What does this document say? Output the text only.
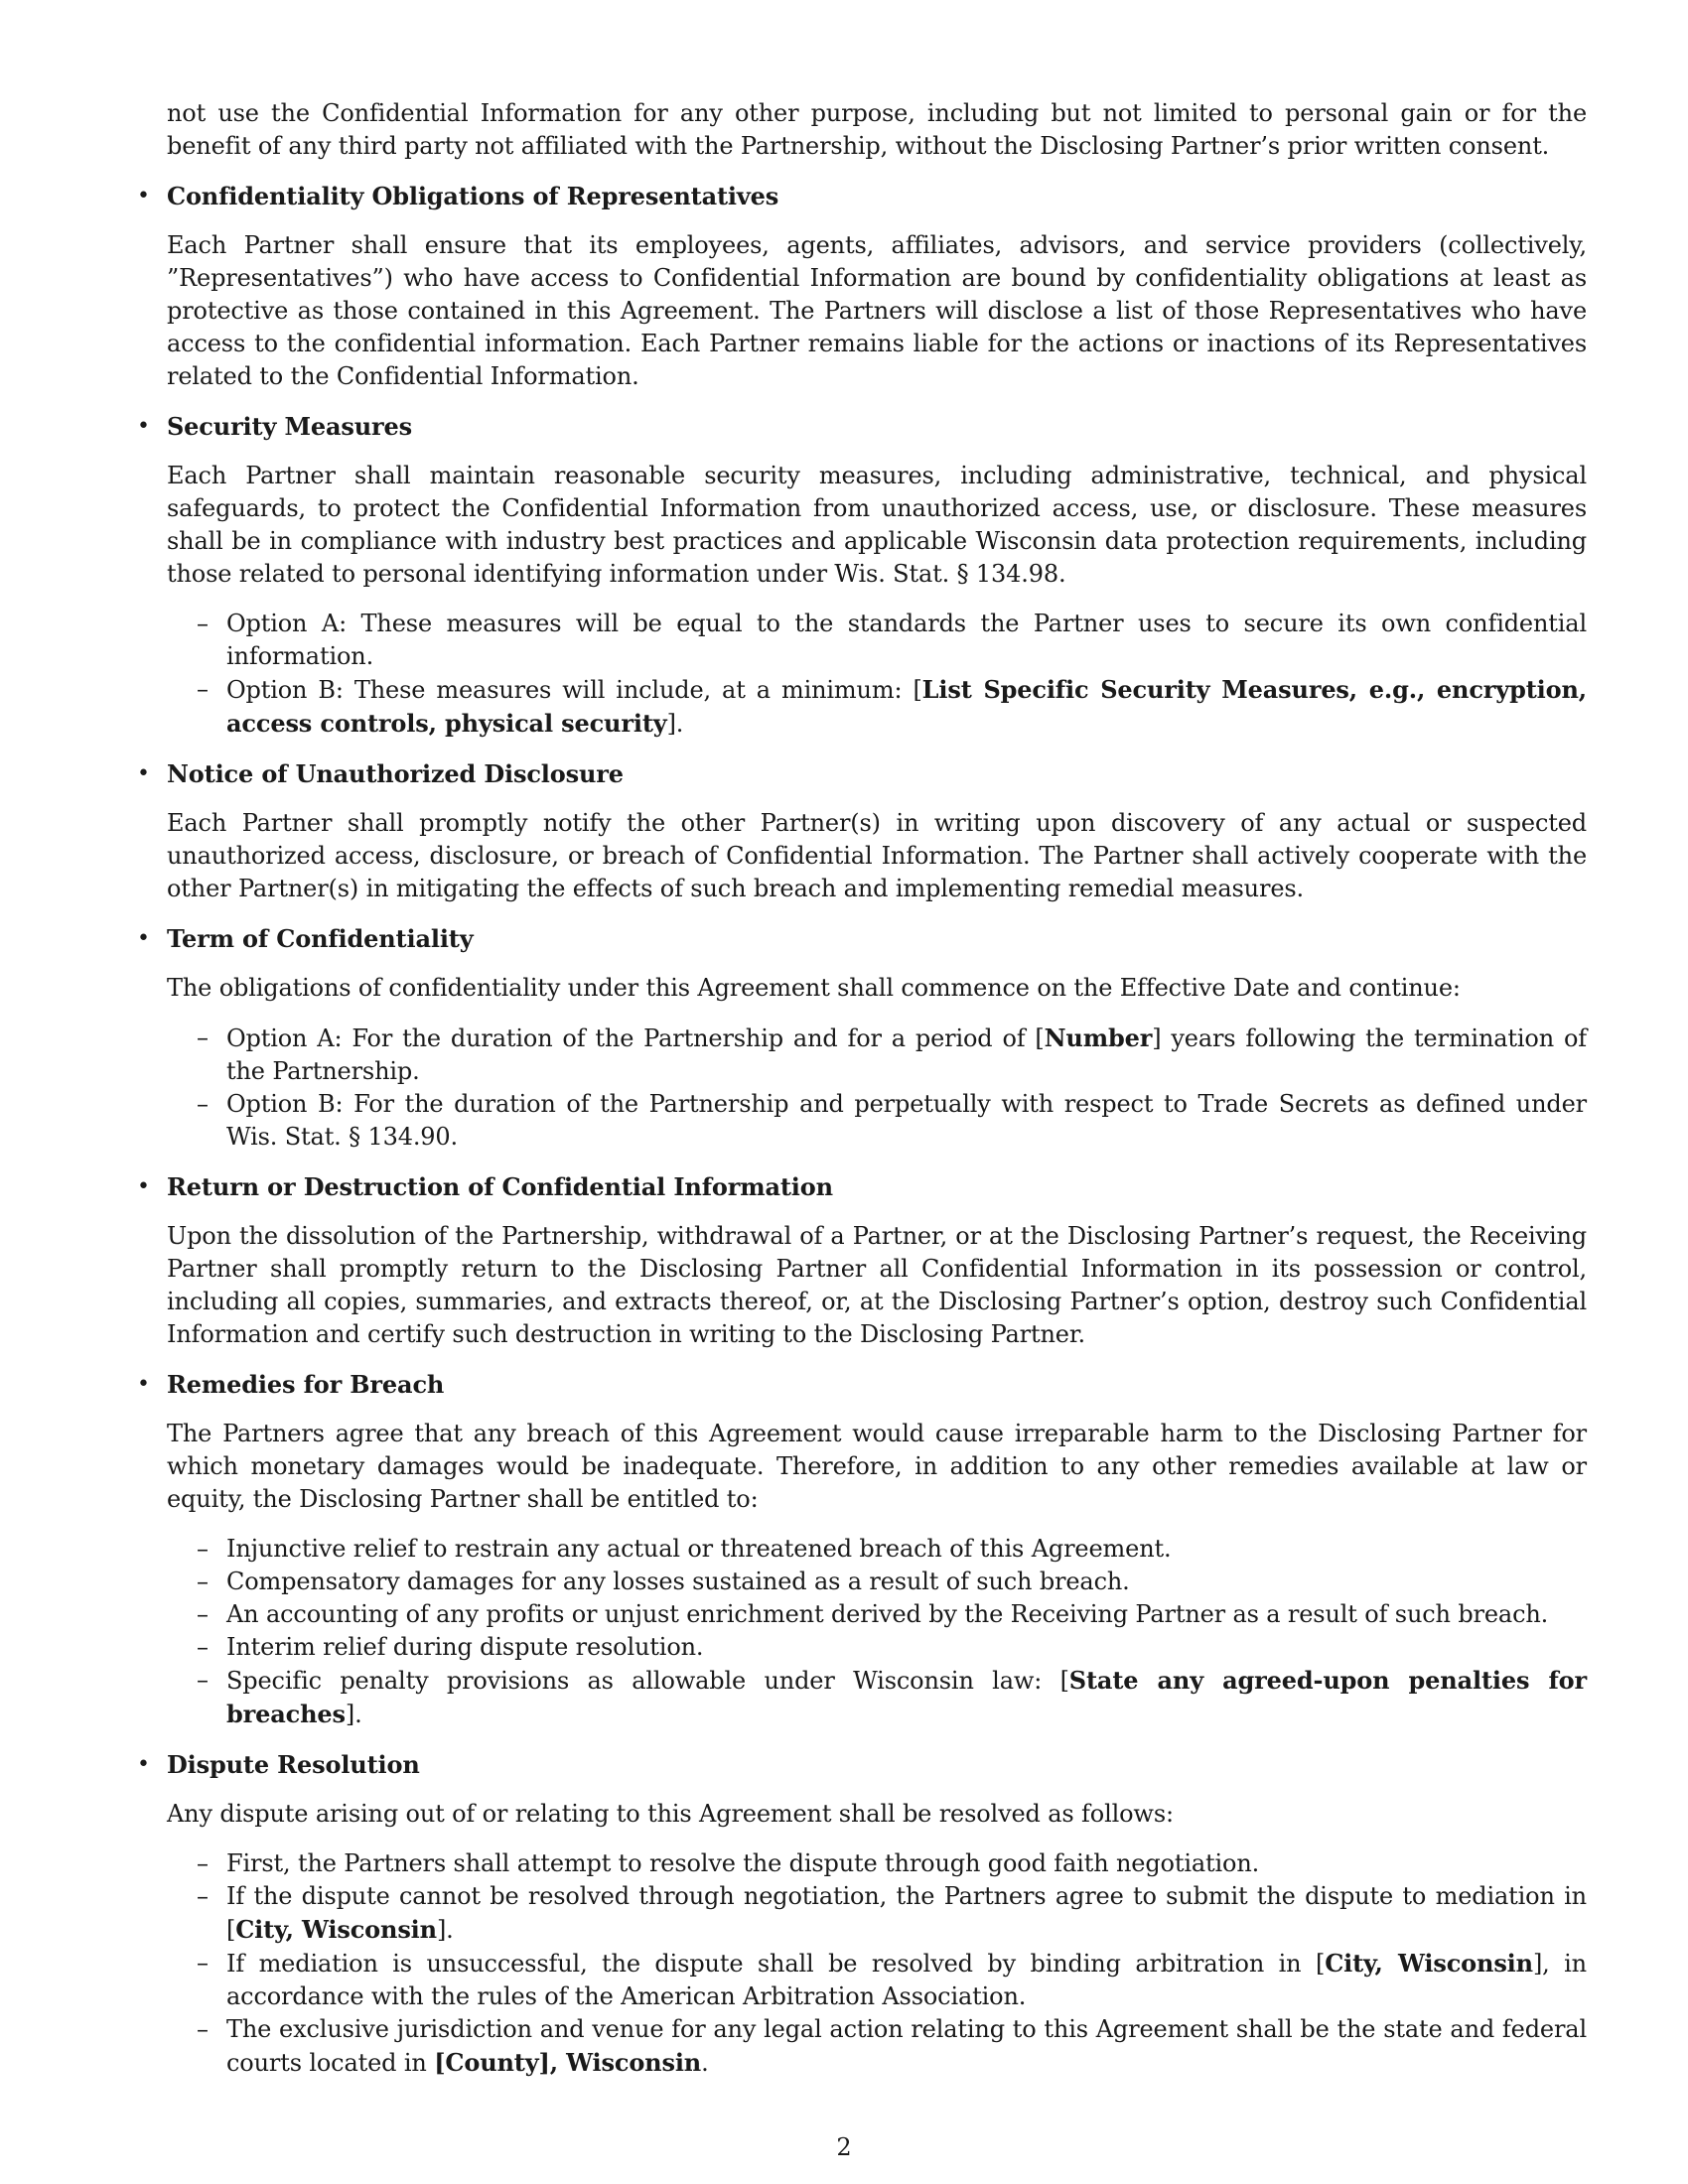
not use the Confidential Information for any other purpose, including but not limited to personal gain or for the benefit of any third party not affiliated with the Partnership, without the Disclosing Partner’s prior written consent.

• Confidentiality Obligations of Representatives

Each Partner shall ensure that its employees, agents, affiliates, advisors, and service providers (collectively, ”Representatives”) who have access to Confidential Information are bound by confidentiality obligations at least as protective as those contained in this Agreement. The Partners will disclose a list of those Representatives who have access to the confidential information. Each Partner remains liable for the actions or inactions of its Representatives related to the Confidential Information.

• Security Measures

Each Partner shall maintain reasonable security measures, including administrative, technical, and physical safeguards, to protect the Confidential Information from unauthorized access, use, or disclosure. These measures shall be in compliance with industry best practices and applicable Wisconsin data protection requirements, including those related to personal identifying information under Wis. Stat. § 134.98.

– Option A: These measures will be equal to the standards the Partner uses to secure its own confidential information.
– Option B: These measures will include, at a minimum: [List Specific Security Measures, e.g., encryption, access controls, physical security].
• Notice of Unauthorized Disclosure

Each Partner shall promptly notify the other Partner(s) in writing upon discovery of any actual or suspected unauthorized access, disclosure, or breach of Confidential Information. The Partner shall actively cooperate with the other Partner(s) in mitigating the effects of such breach and implementing remedial measures.

• Term of Confidentiality

The obligations of confidentiality under this Agreement shall commence on the Effective Date and continue:

– Option A: For the duration of the Partnership and for a period of [Number] years following the termination of the Partnership.
– Option B: For the duration of the Partnership and perpetually with respect to Trade Secrets as defined under Wis. Stat. § 134.90.
• Return or Destruction of Confidential Information

Upon the dissolution of the Partnership, withdrawal of a Partner, or at the Disclosing Partner’s request, the Receiving Partner shall promptly return to the Disclosing Partner all Confidential Information in its possession or control, including all copies, summaries, and extracts thereof, or, at the Disclosing Partner’s option, destroy such Confidential Information and certify such destruction in writing to the Disclosing Partner.

• Remedies for Breach

The Partners agree that any breach of this Agreement would cause irreparable harm to the Disclosing Partner for which monetary damages would be inadequate. Therefore, in addition to any other remedies available at law or equity, the Disclosing Partner shall be entitled to:

– Injunctive relief to restrain any actual or threatened breach of this Agreement.
– Compensatory damages for any losses sustained as a result of such breach.
– An accounting of any profits or unjust enrichment derived by the Receiving Partner as a result of such breach.
– Interim relief during dispute resolution.
– Specific penalty provisions as allowable under Wisconsin law: [State any agreed-upon penalties for breaches].
• Dispute Resolution

Any dispute arising out of or relating to this Agreement shall be resolved as follows:

– First, the Partners shall attempt to resolve the dispute through good faith negotiation.
– If the dispute cannot be resolved through negotiation, the Partners agree to submit the dispute to mediation in [City, Wisconsin].
– If mediation is unsuccessful, the dispute shall be resolved by binding arbitration in [City, Wisconsin], in accordance with the rules of the American Arbitration Association.
– The exclusive jurisdiction and venue for any legal action relating to this Agreement shall be the state and federal courts located in [County], Wisconsin.
2
